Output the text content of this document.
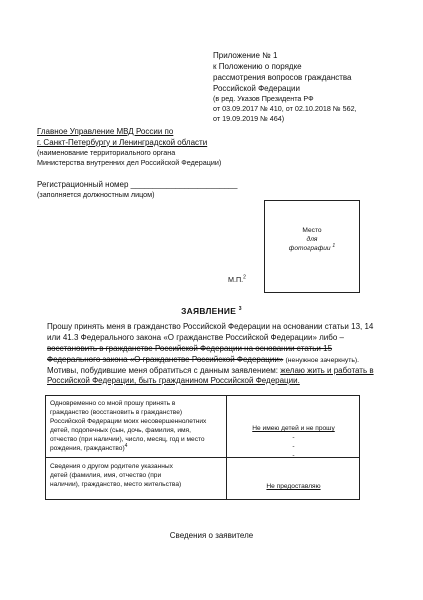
Приложение № 1
к Положению о порядке
рассмотрения вопросов гражданства
Российской Федерации
(в ред. Указов Президента РФ
от 03.09.2017 № 410, от 02.10.2018 № 562,
от 19.09.2019 № 464)
Главное Управление МВД России по
г. Санкт-Петербургу и Ленинградской области
(наименование территориального органа
Министерства внутренних дел Российской Федерации)
Регистрационный номер ________________________
(заполняется должностным лицом)
Место
для
фотографии $^1$
М.П.$^2$
ЗАЯВЛЕНИЕ $^3$
Прошу принять меня в гражданство Российской Федерации на основании статьи 13, 14
или 41.3 Федерального закона «О гражданстве Российской Федерации» либо –
восстановить в гражданстве Российской Федерации на основании статьи 15
Федерального закона «О гражданстве Российской Федерации» (ненужное зачеркнуть).
Мотивы, побудившие меня обратиться с данным заявлением: желаю жить и работать в
Российской Федерации, быть гражданином Российской Федерации.
Одновременно со мной прошу принять в
гражданство (восстановить в гражданстве)
Российской Федерации моих несовершеннолетних
детей, подопечных (сын, дочь, фамилия, имя,
отчество (при наличии), число, месяц, год и место
рождения, гражданство)$^4$
Не имею детей и не прошу
-
-
-
Сведения о другом родителе указанных
детей (фамилия, имя, отчество (при
наличии), гражданство, место жительства)	Не предоставляю
Сведения о заявителе
